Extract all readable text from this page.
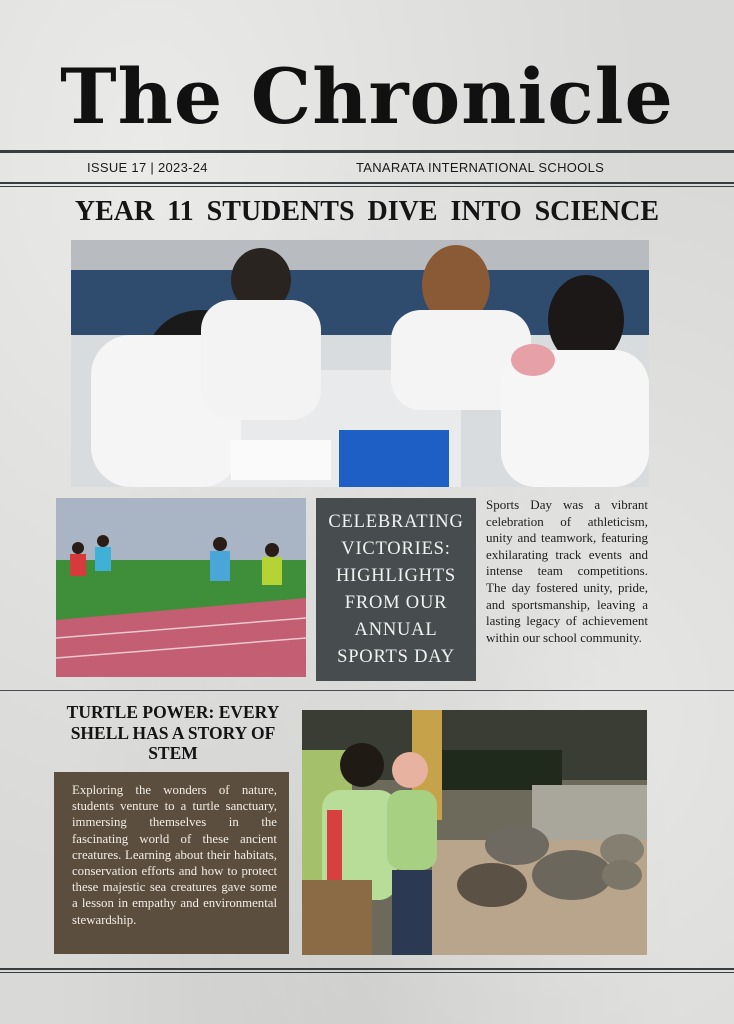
The Chronicle
ISSUE 17 | 2023-24	TANARATA INTERNATIONAL SCHOOLS
YEAR 11 STUDENTS DIVE INTO SCIENCE
CELEBRATING VICTORIES: HIGHLIGHTS FROM OUR ANNUAL SPORTS DAY
Sports Day was a vibrant celebration of athleticism, unity and teamwork, featuring exhilarating track events and intense team competitions. The day fostered unity, pride, and sportsmanship, leaving a lasting legacy of achievement within our school community.
TURTLE POWER: EVERY SHELL HAS A STORY OF STEM
Exploring the wonders of nature, students venture to a turtle sanctuary, immersing themselves in the fascinating world of these ancient creatures. Learning about their habitats, conservation efforts and how to protect these majestic sea creatures gave some a lesson in empathy and environmental stewardship.
